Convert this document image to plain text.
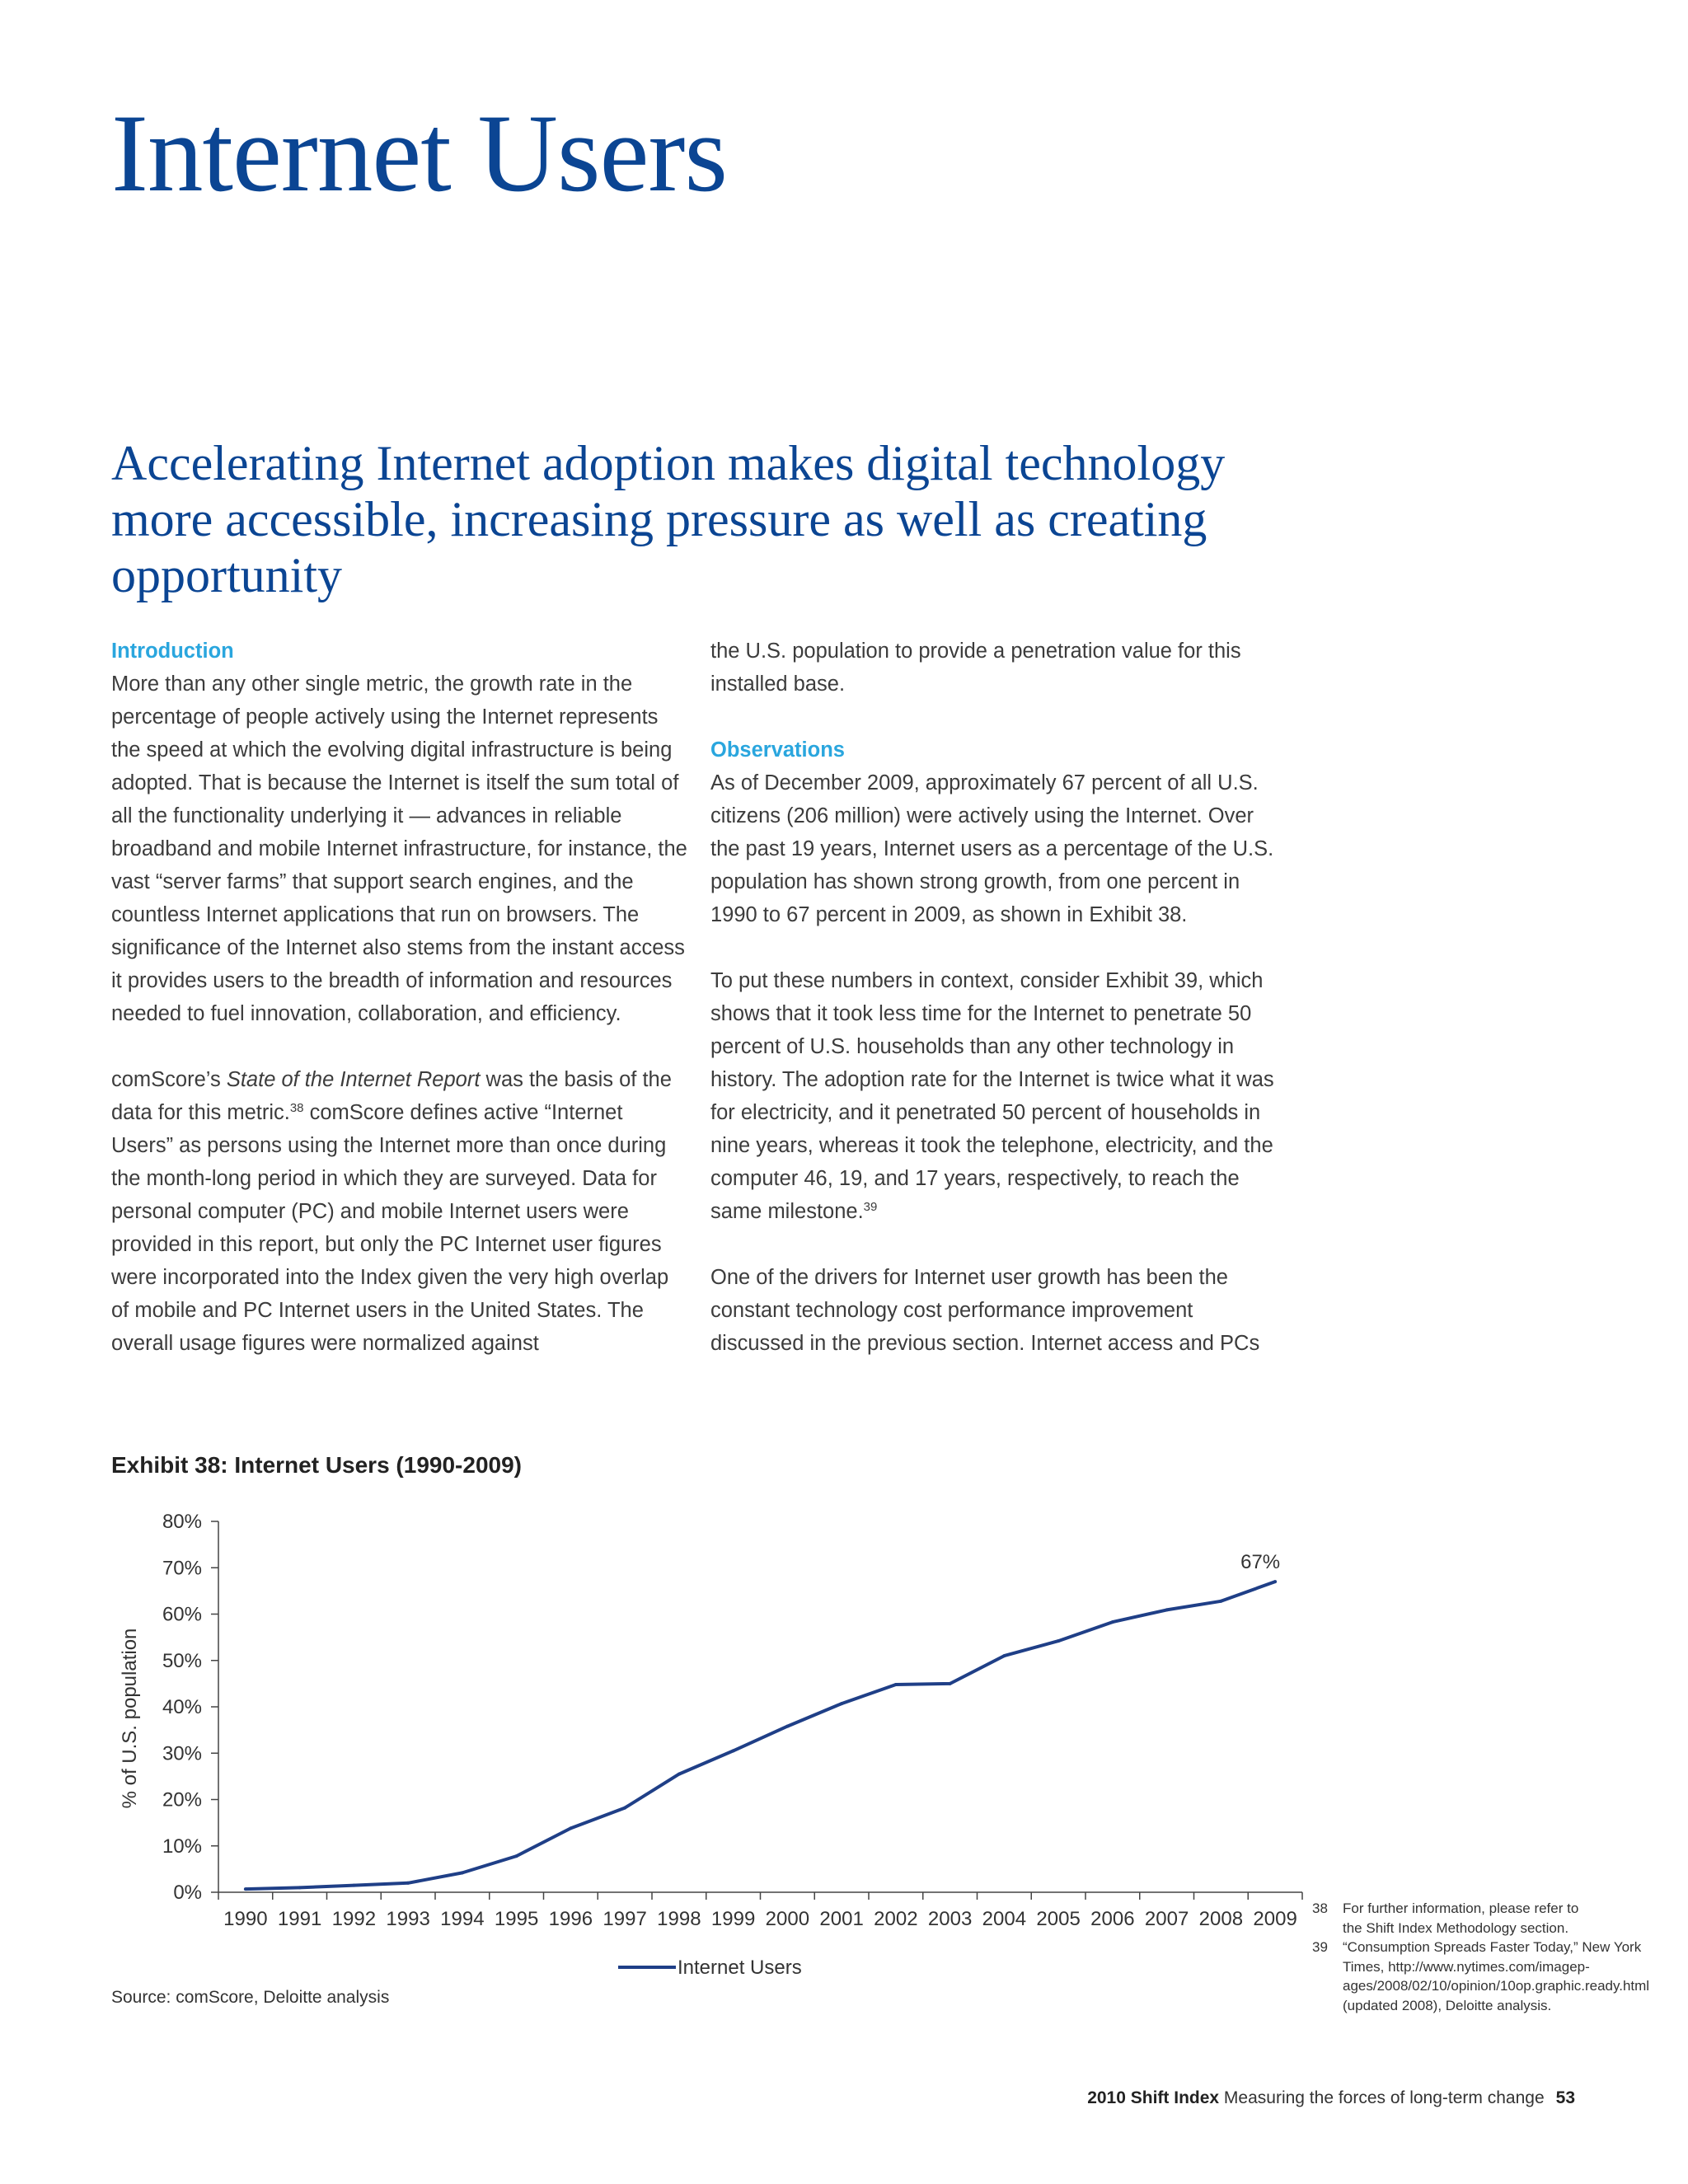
Internet Users
Accelerating Internet adoption makes digital technology more accessible, increasing pressure as well as creating opportunity
Introduction

More than any other single metric, the growth rate in the percentage of people actively using the Internet represents the speed at which the evolving digital infrastructure is being adopted. That is because the Internet is itself the sum total of all the functionality underlying it — advances in reliable broadband and mobile Internet infrastructure, for instance, the vast “server farms” that support search engines, and the countless Internet applications that run on browsers. The significance of the Internet also stems from the instant access it provides users to the breadth of information and resources needed to fuel innovation, collaboration, and efficiency.

comScore’s State of the Internet Report was the basis of the data for this metric.$^{38}$ comScore defines active “Internet Users” as persons using the Internet more than once during the month-long period in which they are surveyed. Data for personal computer (PC) and mobile Internet users were provided in this report, but only the PC Internet user figures were incorporated into the Index given the very high overlap of mobile and PC Internet users in the United States. The overall usage figures were normalized against

the U.S. population to provide a penetration value for this installed base.

Observations

As of December 2009, approximately 67 percent of all U.S. citizens (206 million) were actively using the Internet. Over the past 19 years, Internet users as a percentage of the U.S. population has shown strong growth, from one percent in 1990 to 67 percent in 2009, as shown in Exhibit 38.

To put these numbers in context, consider Exhibit 39, which shows that it took less time for the Internet to penetrate 50 percent of U.S. households than any other technology in history. The adoption rate for the Internet is twice what it was for electricity, and it penetrated 50 percent of households in nine years, whereas it took the telephone, electricity, and the computer 46, 19, and 17 years, respectively, to reach the same milestone.$^{39}$

One of the drivers for Internet user growth has been the constant technology cost performance improvement discussed in the previous section. Internet access and PCs

Exhibit 38: Internet Users (1990-2009)
0%
10%
20%
30%
40%
50%
60%
70%
80%
1990 1991 1992 1993 1994 1995 1996 1997 1998 1999 2000 2001 2002 2003 2004 2005 2006 2007 2008 2009
% of U.S. population
67%
Internet Users
Source: comScore, Deloitte analysis
38	For further information, please refer to the Shift Index Methodology section.
39	“Consumption Spreads Faster Today,” New York Times, http://www.nytimes.com/imagep-ages/2008/02/10/opinion/10op.graphic.ready.html (updated 2008), Deloitte analysis.
2010 Shift Index Measuring the forces of long-term change 53
